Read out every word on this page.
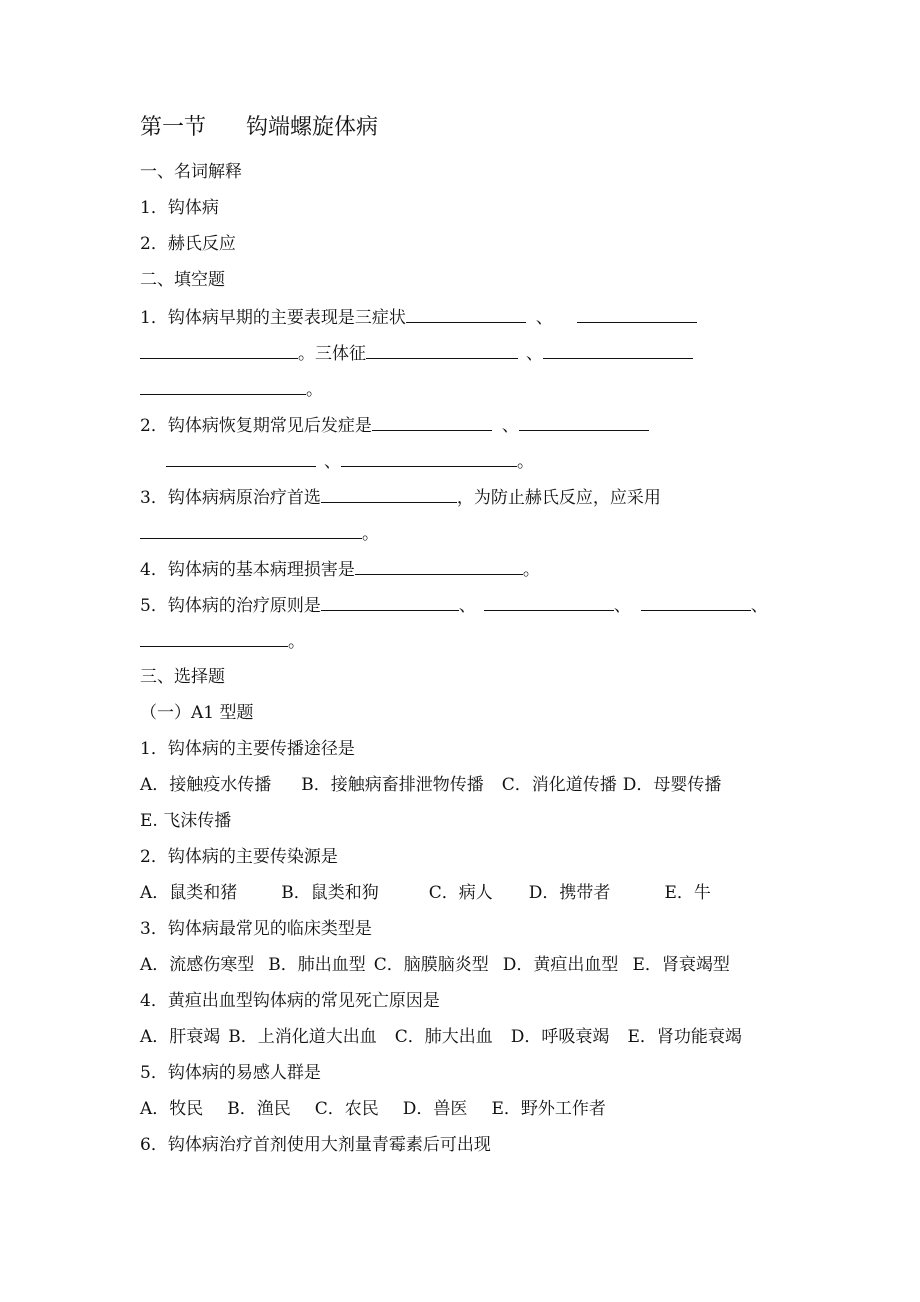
第一节 钩端螺旋体病
一、名词解释
1．钩体病
2．赫氏反应
二、填空题
1．钩体病早期的主要表现是三症状	、
。三体征	、
。
2．钩体病恢复期常见后发症是	、
、	。
3．钩体病病原治疗首选	，为防止赫氏反应，应采用
。
4．钩体病的基本病理损害是	。
5．钩体病的治疗原则是	、	、	、
。
三、选择题
（一）A1 型题
1．钩体病的主要传播途径是
A．接触疫水传播 B．接触病畜排泄物传播 C．消化道传播 D．母婴传播
E. 飞沫传播
2．钩体病的主要传染源是
A．鼠类和猪	B．鼠类和狗	C．病人 D．携带者	E．牛
3．钩体病最常见的临床类型是
A．流感伤寒型 B．肺出血型 C．脑膜脑炎型 D．黄疸出血型 E．肾衰竭型
4．黄疸出血型钩体病的常见死亡原因是
A．肝衰竭 B．上消化道大出血 C．肺大出血 D．呼吸衰竭 E．肾功能衰竭
5．钩体病的易感人群是
A．牧民 B．渔民 C．农民 D．兽医 E．野外工作者
6．钩体病治疗首剂使用大剂量青霉素后可出现
